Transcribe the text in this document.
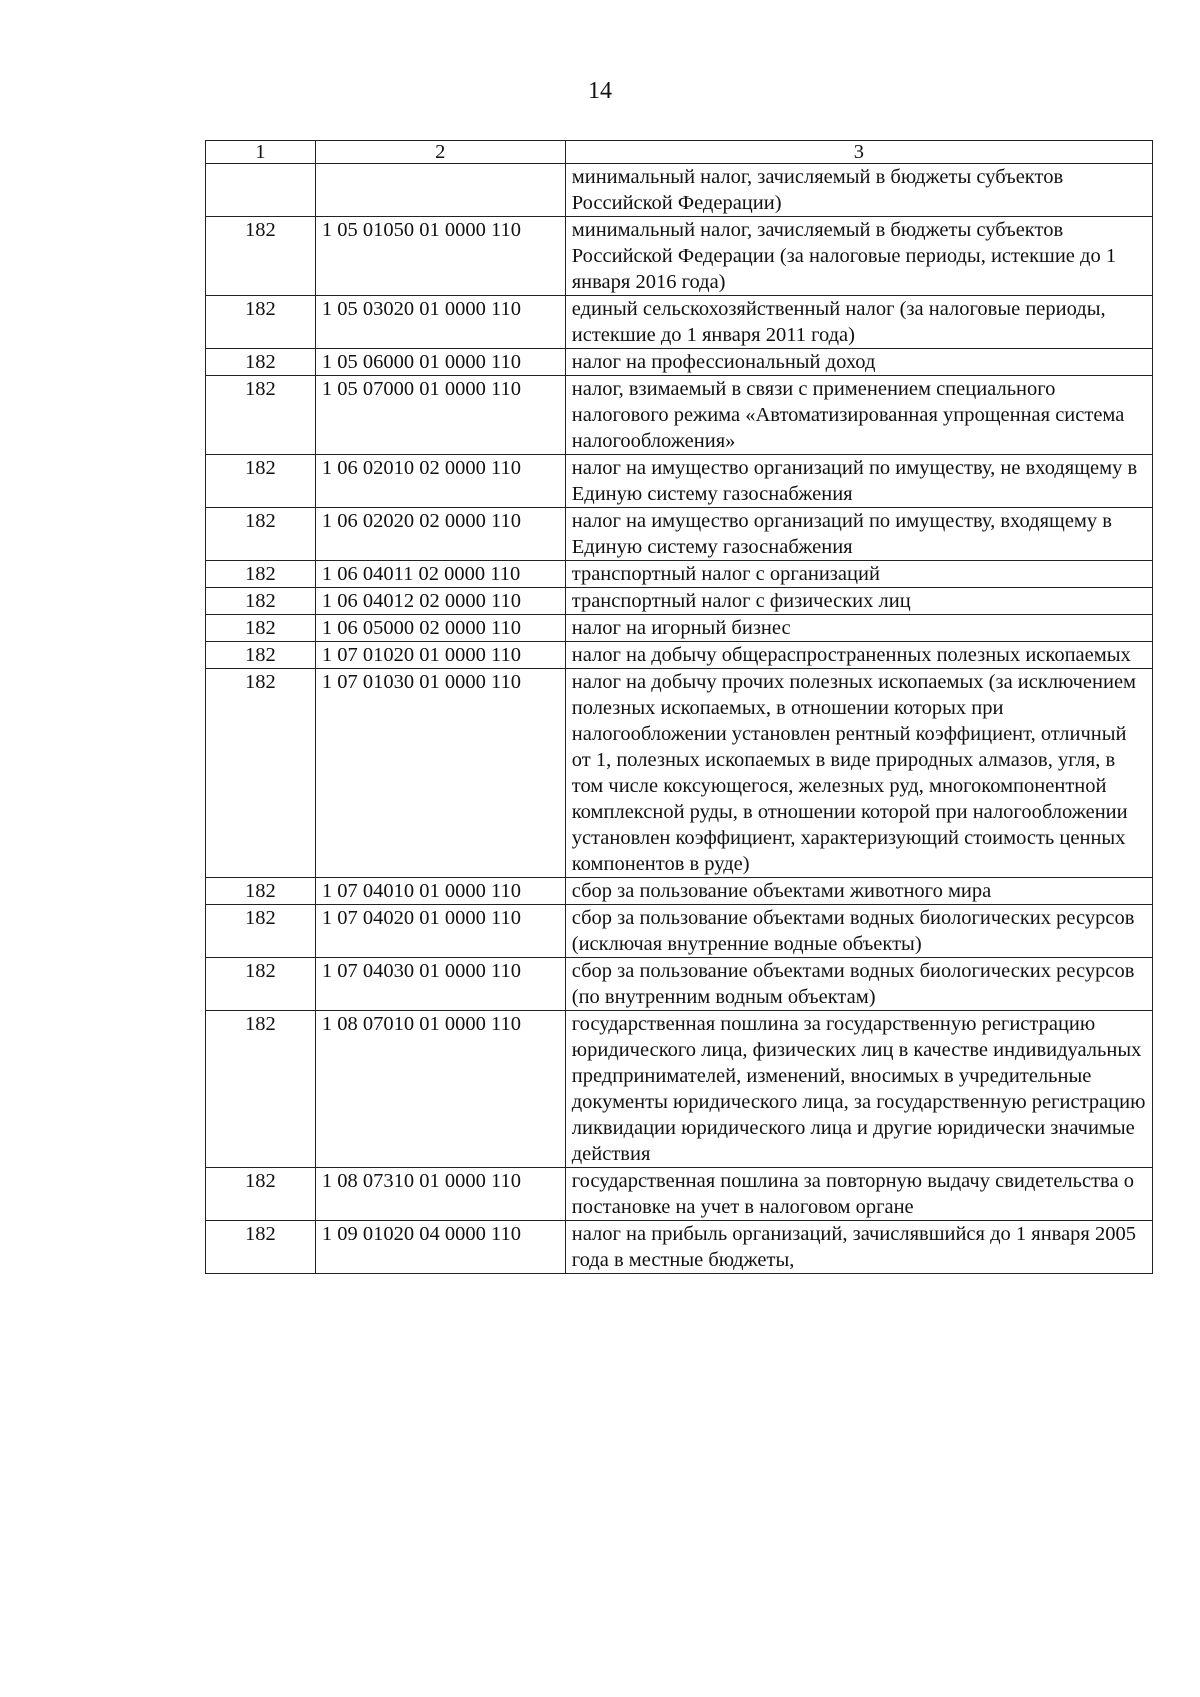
14
1	2	3
		минимальный налог, зачисляемый в бюджеты субъектов Российской Федерации)
182	1 05 01050 01 0000 110	минимальный налог, зачисляемый в бюджеты субъектов Российской Федерации (за налоговые периоды, истекшие до 1 января 2016 года)
182	1 05 03020 01 0000 110	единый сельскохозяйственный налог (за налоговые периоды, истекшие до 1 января 2011 года)
182	1 05 06000 01 0000 110	налог на профессиональный доход
182	1 05 07000 01 0000 110	налог, взимаемый в связи с применением специального налогового режима «Автоматизированная упрощенная система налогообложения»
182	1 06 02010 02 0000 110	налог на имущество организаций по имуществу, не входящему в Единую систему газоснабжения
182	1 06 02020 02 0000 110	налог на имущество организаций по имуществу, входящему в Единую систему газоснабжения
182	1 06 04011 02 0000 110	транспортный налог с организаций
182	1 06 04012 02 0000 110	транспортный налог с физических лиц
182	1 06 05000 02 0000 110	налог на игорный бизнес
182	1 07 01020 01 0000 110	налог на добычу общераспространенных полезных ископаемых
182	1 07 01030 01 0000 110	налог на добычу прочих полезных ископаемых (за исключением полезных ископаемых, в отношении которых при налогообложении установлен рентный коэффициент, отличный от 1, полезных ископаемых в виде природных алмазов, угля, в том числе коксующегося, железных руд, многокомпонентной комплексной руды, в отношении которой при налогообложении установлен коэффициент, характеризующий стоимость ценных компонентов в руде)
182	1 07 04010 01 0000 110	сбор за пользование объектами животного мира
182	1 07 04020 01 0000 110	сбор за пользование объектами водных биологических ресурсов (исключая внутренние водные объекты)
182	1 07 04030 01 0000 110	сбор за пользование объектами водных биологических ресурсов (по внутренним водным объектам)
182	1 08 07010 01 0000 110	государственная пошлина за государственную регистрацию юридического лица, физических лиц в качестве индивидуальных предпринимателей, изменений, вносимых в учредительные документы юридического лица, за государственную регистрацию ликвидации юридического лица и другие юридически значимые действия
182	1 08 07310 01 0000 110	государственная пошлина за повторную выдачу свидетельства о постановке на учет в налоговом органе
182	1 09 01020 04 0000 110	налог на прибыль организаций, зачислявшийся до 1 января 2005 года в местные бюджеты,
